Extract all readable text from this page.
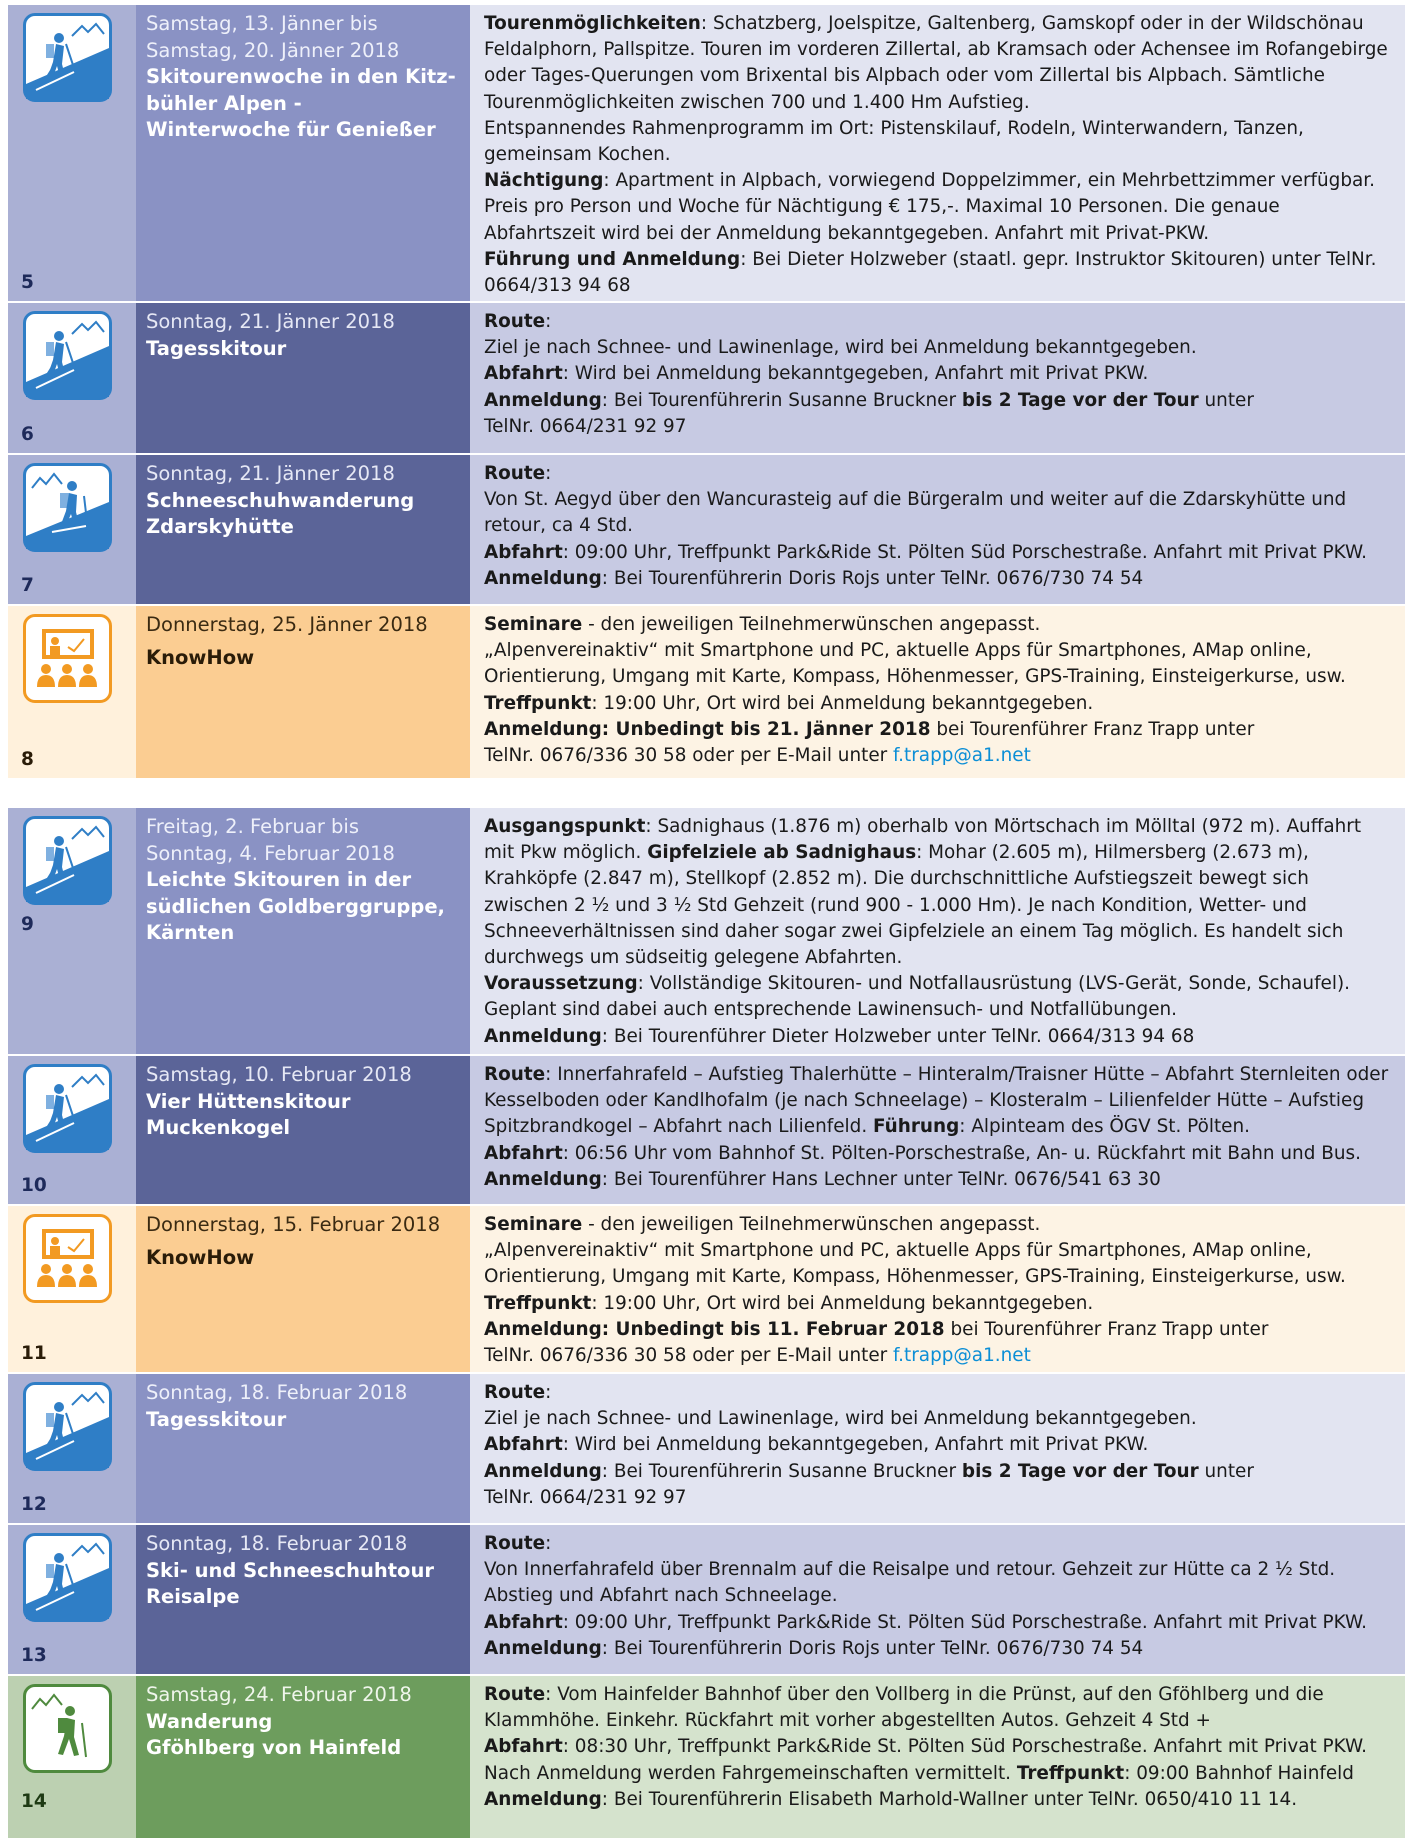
5
Samstag, 13. Jänner bis
Samstag, 20. Jänner 2018
Skitourenwoche in den Kitz-
bühler Alpen -
Winterwoche für Genießer

Tourenmöglichkeiten: Schatzberg, Joelspitze, Galtenberg, Gamskopf oder in der Wildschönau Feldalphorn, Pallspitze. Touren im vorderen Zillertal, ab Kramsach oder Achensee im Rofangebirge oder Tages-Querungen vom Brixental bis Alpbach oder vom Zillertal bis Alpbach. Sämtliche Tourenmöglichkeiten zwischen 700 und 1.400 Hm Aufstieg.

Entspannendes Rahmenprogramm im Ort: Pistenskilauf, Rodeln, Winterwandern, Tanzen, gemeinsam Kochen.

Nächtigung: Apartment in Alpbach, vorwiegend Doppelzimmer, ein Mehrbettzimmer verfügbar. Preis pro Person und Woche für Nächtigung € 175,-. Maximal 10 Personen. Die genaue Abfahrtszeit wird bei der Anmeldung bekanntgegeben. Anfahrt mit Privat-PKW.

Führung und Anmeldung: Bei Dieter Holzweber (staatl. gepr. Instruktor Skitouren) unter TelNr. 0664/313 94 68

6
Sonntag, 21. Jänner 2018
Tagesskitour

Route:

Ziel je nach Schnee- und Lawinenlage, wird bei Anmeldung bekanntgegeben.

Abfahrt: Wird bei Anmeldung bekanntgegeben, Anfahrt mit Privat PKW.

Anmeldung: Bei Tourenführerin Susanne Bruckner bis 2 Tage vor der Tour unter

TelNr. 0664/231 92 97

7
Sonntag, 21. Jänner 2018
Schneeschuhwanderung
Zdarskyhütte

Route:

Von St. Aegyd über den Wancurasteig auf die Bürgeralm und weiter auf die Zdarskyhütte und retour, ca 4 Std.

Abfahrt: 09:00 Uhr, Treffpunkt Park&Ride St. Pölten Süd Porschestraße. Anfahrt mit Privat PKW.

Anmeldung: Bei Tourenführerin Doris Rojs unter TelNr. 0676/730 74 54

8
Donnerstag, 25. Jänner 2018
KnowHow

Seminare - den jeweiligen Teilnehmerwünschen angepasst.

„Alpenvereinaktiv“ mit Smartphone und PC, aktuelle Apps für Smartphones, AMap online, Orientierung, Umgang mit Karte, Kompass, Höhenmesser, GPS-Training, Einsteigerkurse, usw.

Treffpunkt: 19:00 Uhr, Ort wird bei Anmeldung bekanntgegeben.

Anmeldung: Unbedingt bis 21. Jänner 2018 bei Tourenführer Franz Trapp unter

TelNr. 0676/336 30 58 oder per E-Mail unter f.trapp@a1.net

9
Freitag, 2. Februar bis
Sonntag, 4. Februar 2018
Leichte Skitouren in der
südlichen Goldberggruppe,
Kärnten

Ausgangspunkt: Sadnighaus (1.876 m) oberhalb von Mörtschach im Mölltal (972 m). Auffahrt mit Pkw möglich. Gipfelziele ab Sadnighaus: Mohar (2.605 m), Hilmersberg (2.673 m), Krahköpfe (2.847 m), Stellkopf (2.852 m). Die durchschnittliche Aufstiegszeit bewegt sich zwischen 2 ½ und 3 ½ Std Gehzeit (rund 900 - 1.000 Hm). Je nach Kondition, Wetter- und Schneeverhältnissen sind daher sogar zwei Gipfelziele an einem Tag möglich. Es handelt sich durchwegs um südseitig gelegene Abfahrten.

Voraussetzung: Vollständige Skitouren- und Notfallausrüstung (LVS-Gerät, Sonde, Schaufel). Geplant sind dabei auch entsprechende Lawinensuch- und Notfallübungen.

Anmeldung: Bei Tourenführer Dieter Holzweber unter TelNr. 0664/313 94 68

10
Samstag, 10. Februar 2018
Vier Hüttenskitour
Muckenkogel

Route: Innerfahrafeld – Aufstieg Thalerhütte – Hinteralm/Traisner Hütte – Abfahrt Sternleiten oder Kesselboden oder Kandlhofalm (je nach Schneelage) – Klosteralm – Lilienfelder Hütte – Aufstieg Spitzbrandkogel – Abfahrt nach Lilienfeld. Führung: Alpinteam des ÖGV St. Pölten.

Abfahrt: 06:56 Uhr vom Bahnhof St. Pölten-Porschestraße, An- u. Rückfahrt mit Bahn und Bus.

Anmeldung: Bei Tourenführer Hans Lechner unter TelNr. 0676/541 63 30

11
Donnerstag, 15. Februar 2018
KnowHow

Seminare - den jeweiligen Teilnehmerwünschen angepasst.

„Alpenvereinaktiv“ mit Smartphone und PC, aktuelle Apps für Smartphones, AMap online, Orientierung, Umgang mit Karte, Kompass, Höhenmesser, GPS-Training, Einsteigerkurse, usw.

Treffpunkt: 19:00 Uhr, Ort wird bei Anmeldung bekanntgegeben.

Anmeldung: Unbedingt bis 11. Februar 2018 bei Tourenführer Franz Trapp unter

TelNr. 0676/336 30 58 oder per E-Mail unter f.trapp@a1.net

12
Sonntag, 18. Februar 2018
Tagesskitour

Route:

Ziel je nach Schnee- und Lawinenlage, wird bei Anmeldung bekanntgegeben.

Abfahrt: Wird bei Anmeldung bekanntgegeben, Anfahrt mit Privat PKW.

Anmeldung: Bei Tourenführerin Susanne Bruckner bis 2 Tage vor der Tour unter

TelNr. 0664/231 92 97

13
Sonntag, 18. Februar 2018
Ski- und Schneeschuhtour
Reisalpe

Route:

Von Innerfahrafeld über Brennalm auf die Reisalpe und retour. Gehzeit zur Hütte ca 2 ½ Std. Abstieg und Abfahrt nach Schneelage.

Abfahrt: 09:00 Uhr, Treffpunkt Park&Ride St. Pölten Süd Porschestraße. Anfahrt mit Privat PKW.

Anmeldung: Bei Tourenführerin Doris Rojs unter TelNr. 0676/730 74 54

14
Samstag, 24. Februar 2018
Wanderung
Gföhlberg von Hainfeld

Route: Vom Hainfelder Bahnhof über den Vollberg in die Prünst, auf den Gföhlberg und die Klammhöhe. Einkehr. Rückfahrt mit vorher abgestellten Autos. Gehzeit 4 Std +

Abfahrt: 08:30 Uhr, Treffpunkt Park&Ride St. Pölten Süd Porschestraße. Anfahrt mit Privat PKW. Nach Anmeldung werden Fahrgemeinschaften vermittelt. Treffpunkt: 09:00 Bahnhof Hainfeld

Anmeldung: Bei Tourenführerin Elisabeth Marhold-Wallner unter TelNr. 0650/410 11 14.
